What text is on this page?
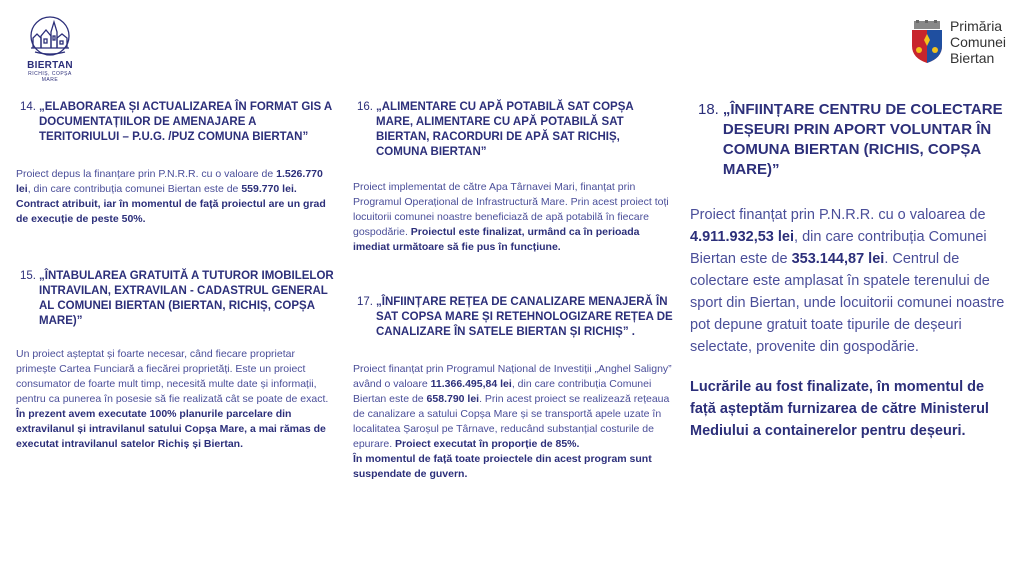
BIERTAN
RICHIȘ, COPȘA MARE
Primăria
Comunei
Biertan
14. „ELABORAREA ȘI ACTUALIZAREA ÎN FORMAT GIS A DOCUMENTAȚIILOR DE AMENAJARE A TERITORIULUI – P.U.G. /PUZ COMUNA BIERTAN”

Proiect depus la finanțare prin P.N.R.R. cu o valoare de 1.526.770 lei, din care contribuția comunei Biertan este de 559.770 lei.
Contract atribuit, iar în momentul de față proiectul are un grad de execuție de peste 50%.

15. „ÎNTABULAREA GRATUITĂ A TUTUROR IMOBILELOR INTRAVILAN, EXTRAVILAN - CADASTRUL GENERAL AL COMUNEI BIERTAN (BIERTAN, RICHIȘ, COPȘA MARE)”

Un proiect așteptat și foarte necesar, când fiecare proprietar primește Cartea Funciară a fiecărei proprietăți. Este un proiect consumator de foarte mult timp, necesită multe date și informații, pentru ca punerea în posesie să fie realizată cât se poate de exact.
În prezent avem executate 100% planurile parcelare din extravilanul și intravilanul satului Copșa Mare, a mai rămas de executat intravilanul satelor Richiș și Biertan.

16. „ALIMENTARE CU APĂ POTABILĂ SAT COPȘA MARE, ALIMENTARE CU APĂ POTABILĂ SAT BIERTAN, RACORDURI DE APĂ SAT RICHIȘ, COMUNA BIERTAN”

Proiect implementat de către Apa Târnavei Mari, finanțat prin Programul Operațional de Infrastructură Mare. Prin acest proiect toți locuitorii comunei noastre beneficiază de apă potabilă în fiecare gospodărie. Proiectul este finalizat, urmând ca în perioada imediat următoare să fie pus în funcțiune.

17. „ÎNFIINȚARE REȚEA DE CANALIZARE MENAJERĂ ÎN SAT COPSA MARE ȘI RETEHNOLOGIZARE REȚEA DE CANALIZARE ÎN SATELE BIERTAN ȘI RICHIȘ” .

Proiect finanțat prin Programul Național de Investiții „Anghel Saligny” având o valoare 11.366.495,84 lei, din care contribuția Comunei Biertan este de 658.790 lei. Prin acest proiect se realizează rețeaua de canalizare a satului Copșa Mare și se transportă apele uzate în localitatea Șaroșul pe Târnave, reducând substanțial costurile de epurare. Proiect executat în proporție de 85%.
În momentul de față toate proiectele din acest program sunt suspendate de guvern.

18. „ÎNFIINȚARE CENTRU DE COLECTARE DEȘEURI PRIN APORT VOLUNTAR ÎN COMUNA BIERTAN (RICHIS, COPȘA MARE)”

Proiect finanțat prin P.N.R.R. cu o valoarea de 4.911.932,53 lei, din care contribuția Comunei Biertan este de 353.144,87 lei. Centrul de colectare este amplasat în spatele terenului de sport din Biertan, unde locuitorii comunei noastre pot depune gratuit toate tipurile de deșeuri selectate, provenite din gospodărie.

Lucrările au fost finalizate, în momentul de față așteptăm furnizarea de către Ministerul Mediului a containerelor pentru deșeuri.
